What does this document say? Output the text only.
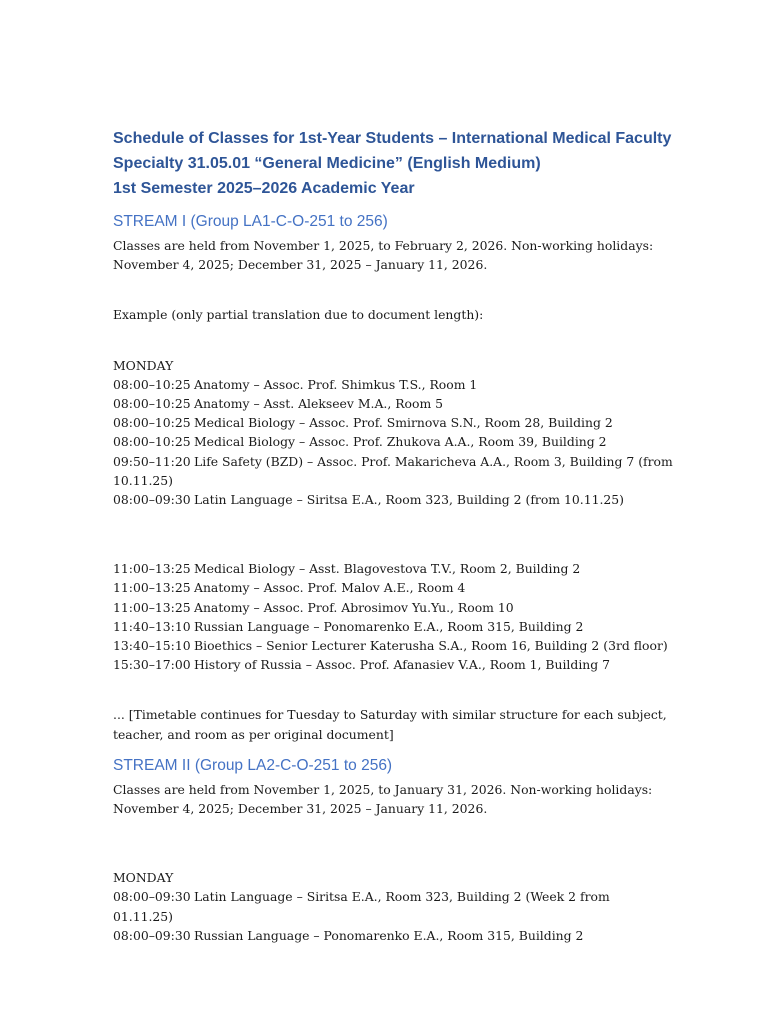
Schedule of Classes for 1st-Year Students – International Medical Faculty

Specialty 31.05.01 “General Medicine” (English Medium)

1st Semester 2025–2026 Academic Year

STREAM I (Group LA1-C-O-251 to 256)

Classes are held from November 1, 2025, to February 2, 2026. Non-working holidays:

November 4, 2025; December 31, 2025 – January 11, 2026.

Example (only partial translation due to document length):

MONDAY

08:00–10:25 Anatomy – Assoc. Prof. Shimkus T.S., Room 1

08:00–10:25 Anatomy – Asst. Alekseev M.A., Room 5

08:00–10:25 Medical Biology – Assoc. Prof. Smirnova S.N., Room 28, Building 2

08:00–10:25 Medical Biology – Assoc. Prof. Zhukova A.A., Room 39, Building 2

09:50–11:20 Life Safety (BZD) – Assoc. Prof. Makaricheva A.A., Room 3, Building 7 (from

10.11.25)

08:00–09:30 Latin Language – Siritsa E.A., Room 323, Building 2 (from 10.11.25)

11:00–13:25 Medical Biology – Asst. Blagovestova T.V., Room 2, Building 2

11:00–13:25 Anatomy – Assoc. Prof. Malov A.E., Room 4

11:00–13:25 Anatomy – Assoc. Prof. Abrosimov Yu.Yu., Room 10

11:40–13:10 Russian Language – Ponomarenko E.A., Room 315, Building 2

13:40–15:10 Bioethics – Senior Lecturer Katerusha S.A., Room 16, Building 2 (3rd floor)

15:30–17:00 History of Russia – Assoc. Prof. Afanasiev V.A., Room 1, Building 7

... [Timetable continues for Tuesday to Saturday with similar structure for each subject,

teacher, and room as per original document]

STREAM II (Group LA2-C-O-251 to 256)

Classes are held from November 1, 2025, to January 31, 2026. Non-working holidays:

November 4, 2025; December 31, 2025 – January 11, 2026.

MONDAY

08:00–09:30 Latin Language – Siritsa E.A., Room 323, Building 2 (Week 2 from 01.11.25)

08:00–09:30 Russian Language – Ponomarenko E.A., Room 315, Building 2
